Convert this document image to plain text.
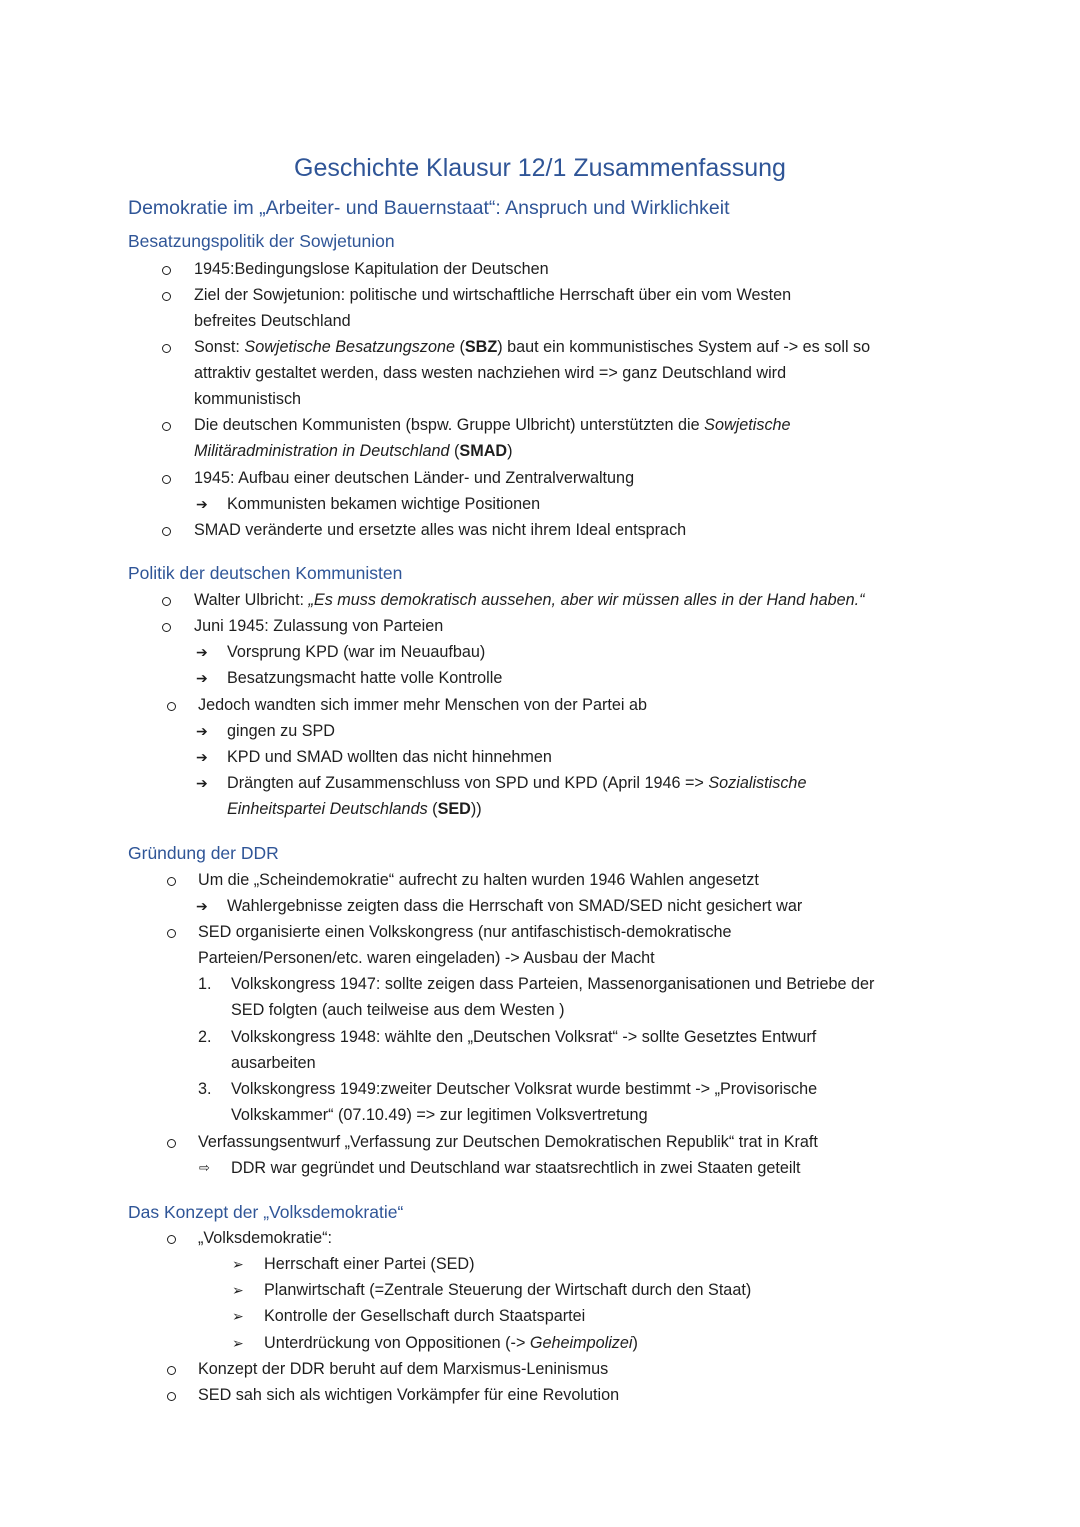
Geschichte Klausur 12/1 Zusammenfassung
Demokratie im „Arbeiter- und Bauernstaat“: Anspruch und Wirklichkeit
Besatzungspolitik der Sowjetunion
1945:Bedingungslose Kapitulation der Deutschen
Ziel der Sowjetunion: politische und wirtschaftliche Herrschaft über ein vom Westen
befreites Deutschland
Sonst: Sowjetische Besatzungszone (SBZ) baut ein kommunistisches System auf -> es soll so
attraktiv gestaltet werden, dass westen nachziehen wird => ganz Deutschland wird
kommunistisch
Die deutschen Kommunisten (bspw. Gruppe Ulbricht) unterstützten die Sowjetische
Militäradministration in Deutschland (SMAD)
1945: Aufbau einer deutschen Länder- und Zentralverwaltung
➔ Kommunisten bekamen wichtige Positionen
SMAD veränderte und ersetzte alles was nicht ihrem Ideal entsprach
Politik der deutschen Kommunisten
Walter Ulbricht: „Es muss demokratisch aussehen, aber wir müssen alles in der Hand haben.“
Juni 1945: Zulassung von Parteien
➔ Vorsprung KPD (war im Neuaufbau)
➔ Besatzungsmacht hatte volle Kontrolle
Jedoch wandten sich immer mehr Menschen von der Partei ab
➔ gingen zu SPD
➔ KPD und SMAD wollten das nicht hinnehmen
➔ Drängten auf Zusammenschluss von SPD und KPD (April 1946 => Sozialistische
Einheitspartei Deutschlands (SED))
Gründung der DDR
Um die „Scheindemokratie“ aufrecht zu halten wurden 1946 Wahlen angesetzt
➔ Wahlergebnisse zeigten dass die Herrschaft von SMAD/SED nicht gesichert war
SED organisierte einen Volkskongress (nur antifaschistisch-demokratische
Parteien/Personen/etc. waren eingeladen) -> Ausbau der Macht
1. Volkskongress 1947: sollte zeigen dass Parteien, Massenorganisationen und Betriebe der
SED folgten (auch teilweise aus dem Westen )
2. Volkskongress 1948: wählte den „Deutschen Volksrat“ -> sollte Gesetztes Entwurf
ausarbeiten
3. Volkskongress 1949:zweiter Deutscher Volksrat wurde bestimmt -> „Provisorische
Volkskammer“ (07.10.49) => zur legitimen Volksvertretung
Verfassungsentwurf „Verfassung zur Deutschen Demokratischen Republik“ trat in Kraft
⇨ DDR war gegründet und Deutschland war staatsrechtlich in zwei Staaten geteilt
Das Konzept der „Volksdemokratie“
„Volksdemokratie“:
➢ Herrschaft einer Partei (SED)
➢ Planwirtschaft (=Zentrale Steuerung der Wirtschaft durch den Staat)
➢ Kontrolle der Gesellschaft durch Staatspartei
➢ Unterdrückung von Oppositionen (-> Geheimpolizei)
Konzept der DDR beruht auf dem Marxismus-Leninismus
SED sah sich als wichtigen Vorkämpfer für eine Revolution
